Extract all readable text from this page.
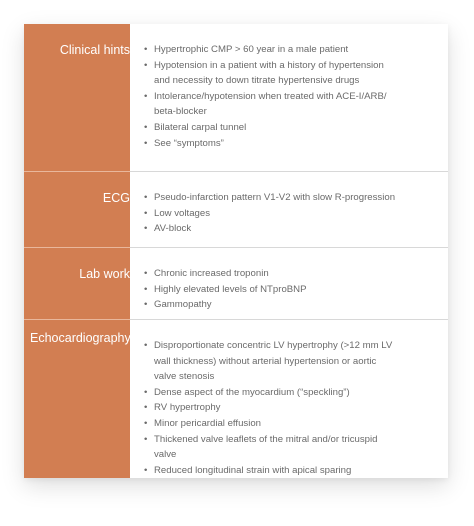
Clinical hints • Hypertrophic CMP > 60 year in a male patient
• Hypotension in a patient with a history of hypertension and necessity to down titrate hypertensive drugs
• Intolerance/hypotension when treated with ACE-I/ARB/ beta-blocker
• Bilateral carpal tunnel
• See “symptoms”
ECG • Pseudo-infarction pattern V1-V2 with slow R-progression
• Low voltages
• AV-block
Lab work • Chronic increased troponin
• Highly elevated levels of NTproBNP
• Gammopathy
Echocardiography
• Disproportionate concentric LV hypertrophy (>12 mm LV wall thickness) without arterial hypertension or aortic valve stenosis
• Dense aspect of the myocardium (“speckling”)
• RV hypertrophy
• Minor pericardial effusion
• Thickened valve leaflets of the mitral and/or tricuspid valve
• Reduced longitudinal strain with apical sparing
